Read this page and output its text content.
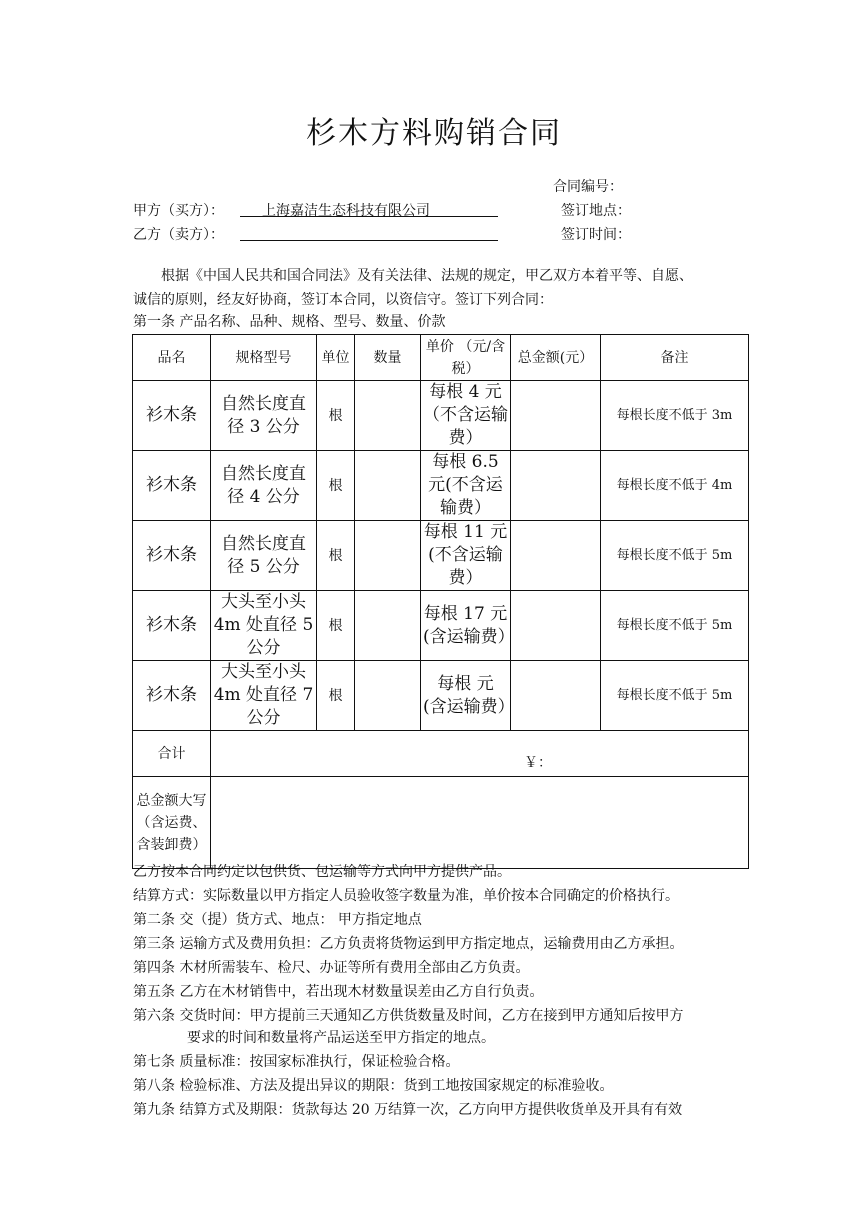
杉木方料购销合同
合同编号：
甲方（买方）：	上海嘉洁生态科技有限公司	签订地点：
乙方（卖方）：	签订时间：
根据《中国人民共和国合同法》及有关法律、法规的规定，甲乙双方本着平等、自愿、
诚信的原则，经友好协商，签订本合同，以资信守。签订下列合同：
第一条 产品名称、品种、规格、型号、数量、价款
品名	规格型号	单位	数量	单价 （元/含税）	总金额(元）	备注
衫木条	自然长度直径 3 公分	根		每根 4 元（不含运输费）		每根长度不低于 3m
衫木条	自然长度直径 4 公分	根		每根 6.5 元(不含运输费）		每根长度不低于 4m
衫木条	自然长度直径 5 公分	根		每根 11 元(不含运输费）		每根长度不低于 5m
衫木条	大头至小头 4m 处直径 5 公分	根		每根 17 元(含运输费）		每根长度不低于 5m
衫木条	大头至小头 4m 处直径 7 公分	根		每根 元 (含运输费）		每根长度不低于 5m
合计	￥：					
总金额大写（含运费、含装卸费）						
乙方按本合同约定以包供货、包运输等方式向甲方提供产品。
结算方式：实际数量以甲方指定人员验收签字数量为准，单价按本合同确定的价格执行。
第二条 交（提）货方式、地点： 甲方指定地点
第三条 运输方式及费用负担：乙方负责将货物运到甲方指定地点，运输费用由乙方承担。
第四条 木材所需装车、检尺、办证等所有费用全部由乙方负责。
第五条 乙方在木材销售中，若出现木材数量误差由乙方自行负责。
第六条 交货时间：甲方提前三天通知乙方供货数量及时间，乙方在接到甲方通知后按甲方
要求的时间和数量将产品运送至甲方指定的地点。
第七条 质量标准：按国家标准执行，保证检验合格。
第八条 检验标准、方法及提出异议的期限：货到工地按国家规定的标准验收。
第九条 结算方式及期限：货款每达 20 万结算一次，乙方向甲方提供收货单及开具有有效
